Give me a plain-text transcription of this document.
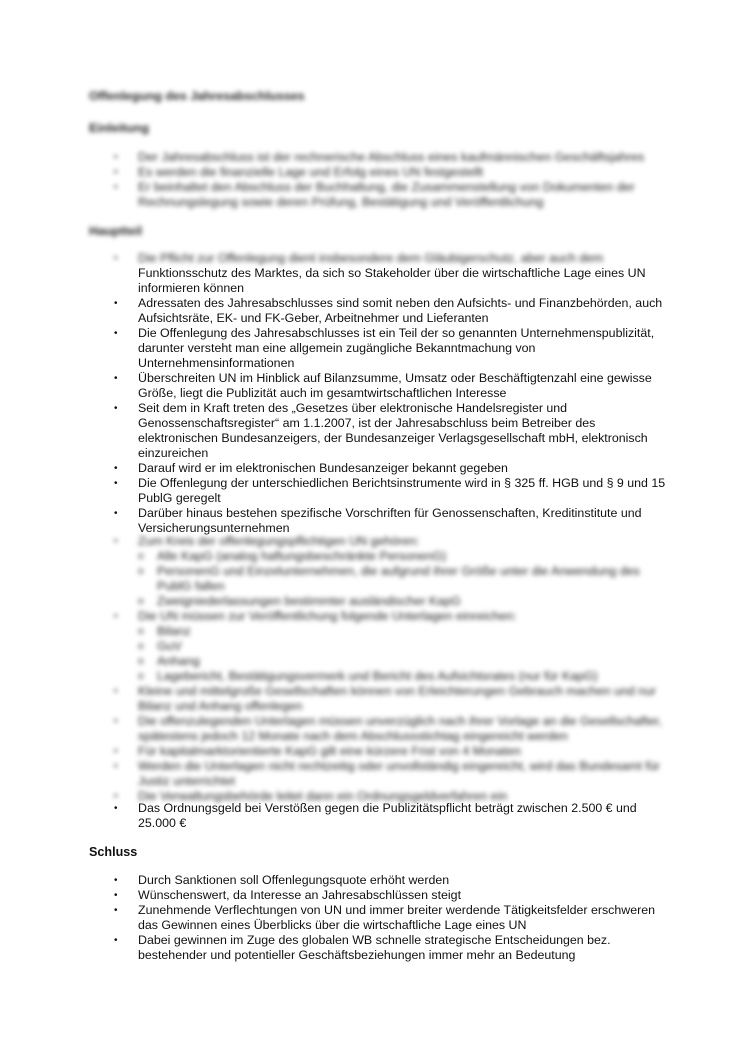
Offenlegung des Jahresabschlusses
Einleitung
•	Der Jahresabschluss ist der rechnerische Abschluss eines kaufmännischen Geschäftsjahres
•	Es werden die finanzielle Lage und Erfolg eines UN festgestellt
•	Er beinhaltet den Abschluss der Buchhaltung, die Zusammenstellung von Dokumenten der Rechnungslegung sowie deren Prüfung, Bestätigung und Veröffentlichung
Hauptteil
•	Die Pflicht zur Offenlegung dient insbesondere dem Gläubigerschutz, aber auch dem
Funktionsschutz des Marktes, da sich so Stakeholder über die wirtschaftliche Lage eines UN informieren können
•	Adressaten des Jahresabschlusses sind somit neben den Aufsichts- und Finanzbehörden, auch Aufsichtsräte, EK- und FK-Geber, Arbeitnehmer und Lieferanten
•	Die Offenlegung des Jahresabschlusses ist ein Teil der so genannten Unternehmenspublizität, darunter versteht man eine allgemein zugängliche Bekanntmachung von Unternehmensinformationen
•	Überschreiten UN im Hinblick auf Bilanzsumme, Umsatz oder Beschäftigtenzahl eine gewisse Größe, liegt die Publizität auch im gesamtwirtschaftlichen Interesse
•	Seit dem in Kraft treten des „Gesetzes über elektronische Handelsregister und Genossenschaftsregister“ am 1.1.2007, ist der Jahresabschluss beim Betreiber des elektronischen Bundesanzeigers, der Bundesanzeiger Verlagsgesellschaft mbH, elektronisch einzureichen
•	Darauf wird er im elektronischen Bundesanzeiger bekannt gegeben
•	Die Offenlegung der unterschiedlichen Berichtsinstrumente wird in § 325 ff. HGB und § 9 und 15 PublG geregelt
•	Darüber hinaus bestehen spezifische Vorschriften für Genossenschaften, Kreditinstitute und Versicherungsunternehmen
•	Zum Kreis der offenlegungspflichtigen UN gehören:
o Alle KapG (analog haftungsbeschränkte PersonenG)
o PersonenG und Einzelunternehmen, die aufgrund ihrer Größe unter die Anwendung des PublG fallen
o Zweigniederlassungen bestimmter ausländischer KapG
•	Die UN müssen zur Veröffentlichung folgende Unterlagen einreichen:
o Bilanz
o GuV
o Anhang
o Lagebericht, Bestätigungsvermerk und Bericht des Aufsichtsrates (nur für KapG)
•	Kleine und mittelgroße Gesellschaften können von Erleichterungen Gebrauch machen und nur Bilanz und Anhang offenlegen
•	Die offenzulegenden Unterlagen müssen unverzüglich nach ihrer Vorlage an die Gesellschafter, spätestens jedoch 12 Monate nach dem Abschlussstichtag eingereicht werden
•	Für kapitalmarktorientierte KapG gilt eine kürzere Frist von 4 Monaten
•	Werden die Unterlagen nicht rechtzeitig oder unvollständig eingereicht, wird das Bundesamt für Justiz unterrichtet
•	Die Verwaltungsbehörde leitet dann ein Ordnungsgeldverfahren ein
•	Das Ordnungsgeld bei Verstößen gegen die Publizitätspflicht beträgt zwischen 2.500 € und 25.000 €
Schluss
•	Durch Sanktionen soll Offenlegungsquote erhöht werden
•	Wünschenswert, da Interesse an Jahresabschlüssen steigt
•	Zunehmende Verflechtungen von UN und immer breiter werdende Tätigkeitsfelder erschweren das Gewinnen eines Überblicks über die wirtschaftliche Lage eines UN
•	Dabei gewinnen im Zuge des globalen WB schnelle strategische Entscheidungen bez. bestehender und potentieller Geschäftsbeziehungen immer mehr an Bedeutung
